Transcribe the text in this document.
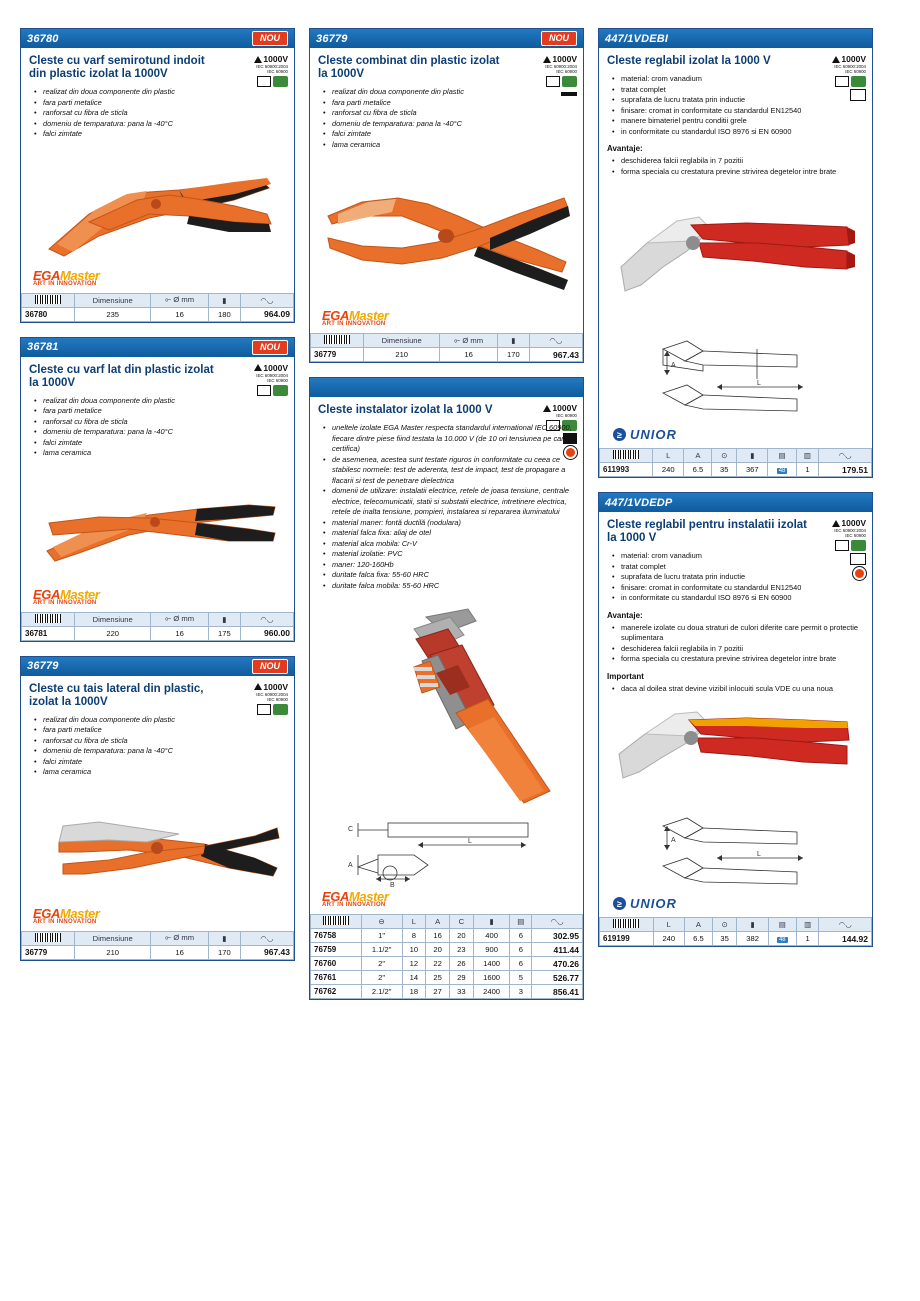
36780	NOU
1000V
IEC 60900:2004
IEC 60900
Cleste cu varf semirotund indoit din plastic izolat la 1000V
• realizat din doua componente din plastic
• fara parti metalice
• ranforsat cu fibra de sticla
• domeniu de temparatura: pana la -40°C
• falci zimtate
EGAMaster
ART IN INNOVATION
	Dimensiune	⟜ Ø mm	▮	◠◡
36780	235	16	180	964.09
36781	NOU
1000V
IEC 60900:2004
IEC 60900
Cleste cu varf lat din plastic izolat la 1000V
• realizat din doua componente din plastic
• fara parti metalice
• ranforsat cu fibra de sticla
• domeniu de temparatura: pana la -40°C
• falci zimtate
• lama ceramica
EGAMaster
ART IN INNOVATION
	Dimensiune	⟜ Ø mm	▮	◠◡
36781	220	16	175	960.00
36779	NOU
1000V
IEC 60900:2004
IEC 60900
Cleste cu tais lateral din plastic, izolat la 1000V
• realizat din doua componente din plastic
• fara parti metalice
• ranforsat cu fibra de sticla
• domeniu de temparatura: pana la -40°C
• falci zimtate
• lama ceramica
EGAMaster
ART IN INNOVATION
	Dimensiune	⟜ Ø mm	▮	◠◡
36779	210	16	170	967.43
36779	NOU
1000V
IEC 60900:2004
IEC 60900
Cleste combinat din plastic izolat la 1000V
• realizat din doua componente din plastic
• fara parti metalice
• ranforsat cu fibra de sticla
• domeniu de temparatura: pana la -40°C
• falci zimtate
• lama ceramica
EGAMaster
ART IN INNOVATION
	Dimensiune	⟜ Ø mm	▮	◠◡
36779	210	16	170	967.43
1000V
IEC 60900
Cleste instalator izolat la 1000 V
• uneltele izolate EGA Master respecta standardul international IEC 60900, fiecare dintre piese fiind testata la 10.000 V (de 10 ori tensiunea pe care o certifica)
• de asemenea, acestea sunt testate riguros in conformitate cu ceea ce stabilesc normele: test de aderenta, test de impact, test de propagare a flacarii si test de penetrare dielectrica
• domenii de utilizare: instalatii electrice, retele de joasa tensiune, centrale electrice, telecomunicatii, statii si substatii electrice, intretinere electrica, retele de inalta tensiune, pompieri, instalarea si repararea iluminatului
• material maner: fontă ductilă (nodulara)
• material falca fixa: aliaj de otel
• material alca mobila: Cr-V
• material izolatie: PVC
• maner: 120-160Hb
• duritate falca fixa: 55-60 HRC
• duritate falca mobila: 55-60 HRC
C
L
B
A
EGAMaster
ART IN INNOVATION
	⊖	L	A	C	▮	▤	◠◡
76758	1"	8	16	20	400	6	302.95
76759	1.1/2"	10	20	23	900	6	411.44
76760	2"	12	22	26	1400	6	470.26
76761	2"	14	25	29	1600	5	526.77
76762	2.1/2"	18	27	33	2400	3	856.41
447/1VDEBI
1000V
IEC 60900:2004
IEC 60900
Cleste reglabil izolat la 1000 V
• material: crom vanadium
• tratat complet
• suprafata de lucru tratata prin inductie
• finisare: cromat in conformitate cu standardul EN12540
• manere bimateriel pentru conditii grele
• in conformitate cu standardul ISO 8976 si EN 60900
Avantaje:
• deschiderea falcii reglabila in 7 pozitii
• forma speciala cu crestatura previne strivirea degetelor intre brate
L
A
≥ UNIOR
	L	A	⊙	▮	▤	▥	◠◡
611993	240	6.5	35	367	48	1	179.51
447/1VDEDP
1000V
IEC 60900:2004
IEC 60900
Cleste reglabil pentru instalatii izolat la 1000 V
• material: crom vanadium
• tratat complet
• suprafata de lucru tratata prin inductie
• finisare: cromat in conformitate cu standardul EN12540
• in conformitate cu standardul ISO 8976 si EN 60900
Avantaje:
• manerele izolate cu doua straturi de culori diferite care permit o protectie suplimentara
• deschiderea falcii reglabila in 7 pozitii
• forma speciala cu crestatura previne strivirea degetelor intre brate
Important
• daca al doilea strat devine vizibil inlocuiti scula VDE cu una noua
L
A
≥ UNIOR
	L	A	⊙	▮	▤	▥	◠◡
619199	240	6.5	35	382	48	1	144.92
